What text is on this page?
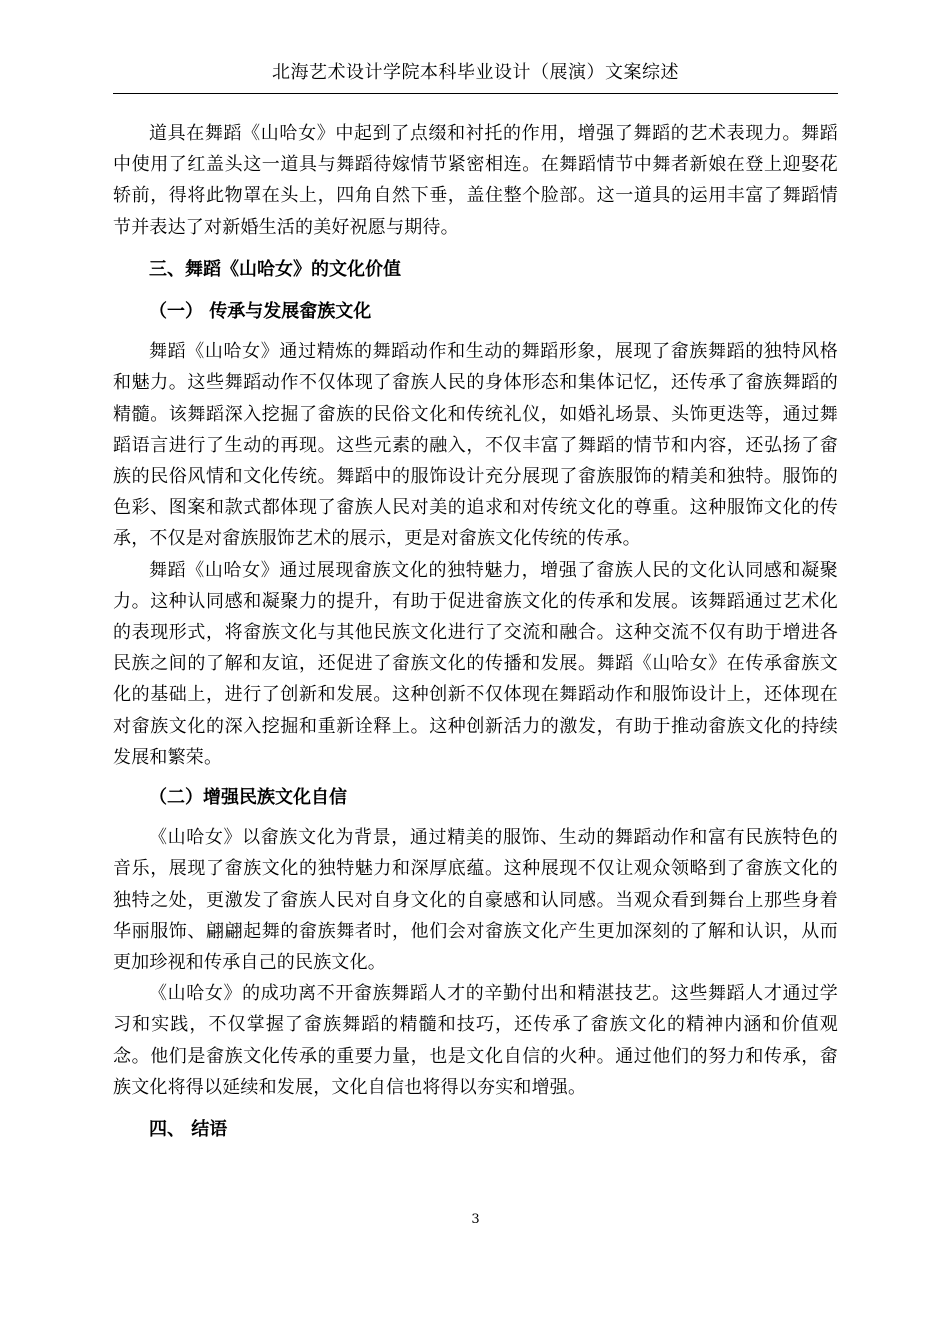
北海艺术设计学院本科毕业设计（展演）文案综述

道具在舞蹈《山哈女》中起到了点缀和衬托的作用，增强了舞蹈的艺术表现力。舞蹈中使用了红盖头这一道具与舞蹈待嫁情节紧密相连。在舞蹈情节中舞者新娘在登上迎娶花轿前，得将此物罩在头上，四角自然下垂，盖住整个脸部。这一道具的运用丰富了舞蹈情节并表达了对新婚生活的美好祝愿与期待。

三、舞蹈《山哈女》的文化价值
（一） 传承与发展畲族文化

舞蹈《山哈女》通过精炼的舞蹈动作和生动的舞蹈形象，展现了畲族舞蹈的独特风格和魅力。这些舞蹈动作不仅体现了畲族人民的身体形态和集体记忆，还传承了畲族舞蹈的精髓。该舞蹈深入挖掘了畲族的民俗文化和传统礼仪，如婚礼场景、头饰更迭等，通过舞蹈语言进行了生动的再现。这些元素的融入，不仅丰富了舞蹈的情节和内容，还弘扬了畲族的民俗风情和文化传统。舞蹈中的服饰设计充分展现了畲族服饰的精美和独特。服饰的色彩、图案和款式都体现了畲族人民对美的追求和对传统文化的尊重。这种服饰文化的传承，不仅是对畲族服饰艺术的展示，更是对畲族文化传统的传承。

舞蹈《山哈女》通过展现畲族文化的独特魅力，增强了畲族人民的文化认同感和凝聚力。这种认同感和凝聚力的提升，有助于促进畲族文化的传承和发展。该舞蹈通过艺术化的表现形式，将畲族文化与其他民族文化进行了交流和融合。这种交流不仅有助于增进各民族之间的了解和友谊，还促进了畲族文化的传播和发展。舞蹈《山哈女》在传承畲族文化的基础上，进行了创新和发展。这种创新不仅体现在舞蹈动作和服饰设计上，还体现在对畲族文化的深入挖掘和重新诠释上。这种创新活力的激发，有助于推动畲族文化的持续发展和繁荣。

（二）增强民族文化自信

《山哈女》以畲族文化为背景，通过精美的服饰、生动的舞蹈动作和富有民族特色的音乐，展现了畲族文化的独特魅力和深厚底蕴。这种展现不仅让观众领略到了畲族文化的独特之处，更激发了畲族人民对自身文化的自豪感和认同感。当观众看到舞台上那些身着华丽服饰、翩翩起舞的畲族舞者时，他们会对畲族文化产生更加深刻的了解和认识，从而更加珍视和传承自己的民族文化。

《山哈女》的成功离不开畲族舞蹈人才的辛勤付出和精湛技艺。这些舞蹈人才通过学习和实践，不仅掌握了畲族舞蹈的精髓和技巧，还传承了畲族文化的精神内涵和价值观念。他们是畲族文化传承的重要力量，也是文化自信的火种。通过他们的努力和传承，畲族文化将得以延续和发展，文化自信也将得以夯实和增强。

四、 结语
3
